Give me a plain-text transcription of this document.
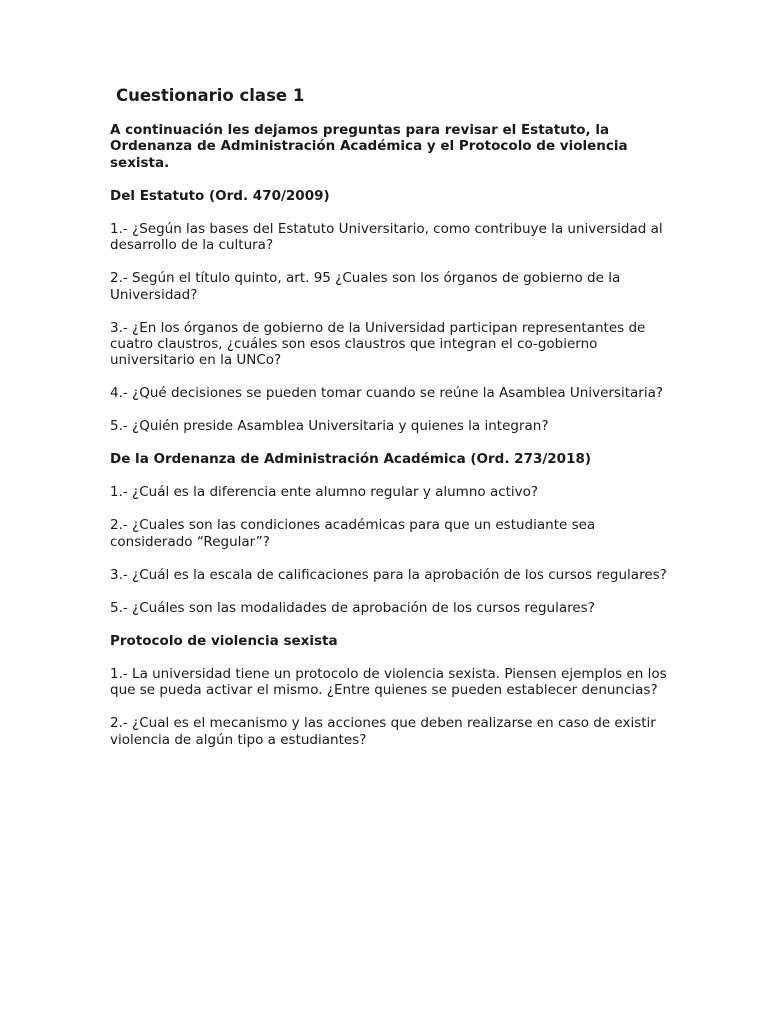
Cuestionario clase 1

A continuación les dejamos preguntas para revisar el Estatuto, la Ordenanza de Administración Académica y el Protocolo de violencia sexista.

Del Estatuto (Ord. 470/2009)

1.- ¿Según las bases del Estatuto Universitario, como contribuye la universidad al desarrollo de la cultura?

2.- Según el título quinto, art. 95 ¿Cuales son los órganos de gobierno de la Universidad?

3.- ¿En los órganos de gobierno de la Universidad participan representantes de cuatro claustros, ¿cuáles son esos claustros que integran el co-gobierno universitario en la UNCo?

4.- ¿Qué decisiones se pueden tomar cuando se reúne la Asamblea Universitaria?

5.- ¿Quién preside Asamblea Universitaria y quienes la integran?

De la Ordenanza de Administración Académica (Ord. 273/2018)

1.- ¿Cuál es la diferencia ente alumno regular y alumno activo?

2.- ¿Cuales son las condiciones académicas para que un estudiante sea considerado “Regular”?

3.- ¿Cuál es la escala de calificaciones para la aprobación de los cursos regulares?

5.- ¿Cuáles son las modalidades de aprobación de los cursos regulares?

Protocolo de violencia sexista

1.- La universidad tiene un protocolo de violencia sexista. Piensen ejemplos en los que se pueda activar el mismo. ¿Entre quienes se pueden establecer denuncias?

2.- ¿Cual es el mecanismo y las acciones que deben realizarse en caso de existir violencia de algún tipo a estudiantes?
